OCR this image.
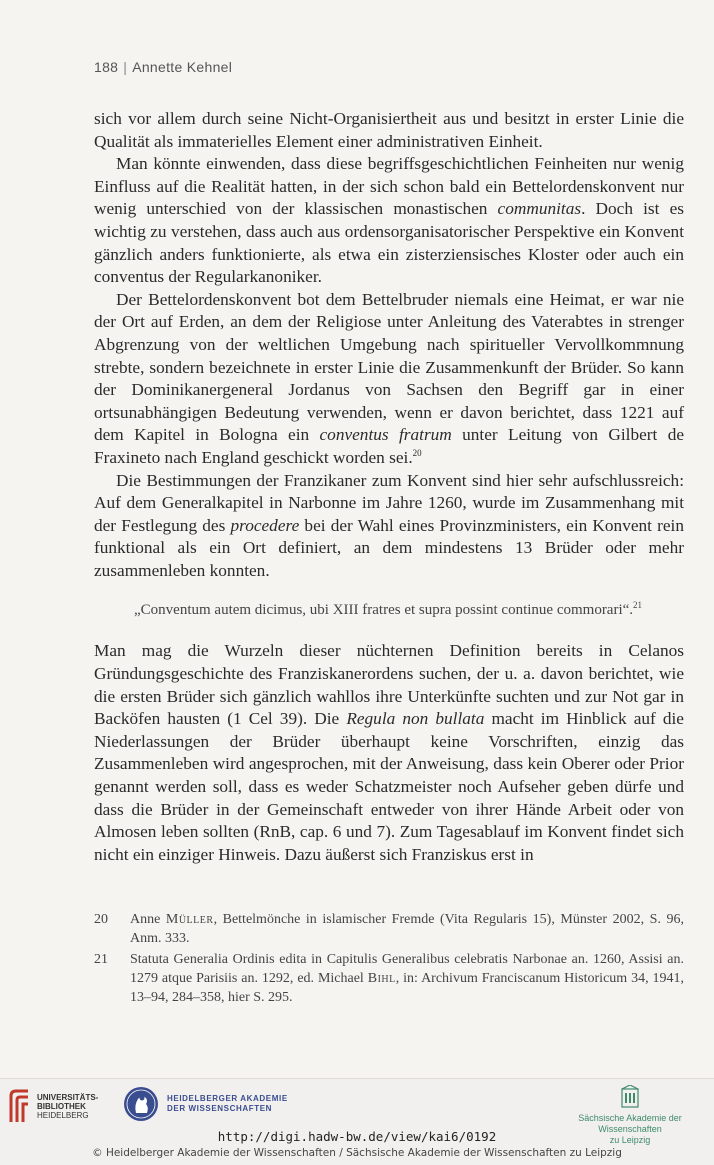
188 | Annette Kehnel

sich vor allem durch seine Nicht-Organisiertheit aus und besitzt in erster Linie die Qualität als immaterielles Element einer administrativen Einheit.

Man könnte einwenden, dass diese begriffsgeschichtlichen Feinheiten nur wenig Einfluss auf die Realität hatten, in der sich schon bald ein Bettelordenskonvent nur wenig unterschied von der klassischen monastischen communitas. Doch ist es wichtig zu verstehen, dass auch aus ordensorganisatorischer Perspektive ein Konvent gänzlich anders funktionierte, als etwa ein zisterziensisches Kloster oder auch ein conventus der Regularkanoniker.

Der Bettelordenskonvent bot dem Bettelbruder niemals eine Heimat, er war nie der Ort auf Erden, an dem der Religiose unter Anleitung des Vaterabtes in strenger Abgrenzung von der weltlichen Umgebung nach spiritueller Vervollkommnung strebte, sondern bezeichnete in erster Linie die Zusammenkunft der Brüder. So kann der Dominikanergeneral Jordanus von Sachsen den Begriff gar in einer ortsunabhängigen Bedeutung verwenden, wenn er davon berichtet, dass 1221 auf dem Kapitel in Bologna ein conventus fratrum unter Leitung von Gilbert de Fraxineto nach England geschickt worden sei.$^{20}$

Die Bestimmungen der Franzikaner zum Konvent sind hier sehr aufschlussreich: Auf dem Generalkapitel in Narbonne im Jahre 1260, wurde im Zusammenhang mit der Festlegung des procedere bei der Wahl eines Provinzministers, ein Konvent rein funktional als ein Ort definiert, an dem mindestens 13 Brüder oder mehr zusammenleben konnten.

„Conventum autem dicimus, ubi XIII fratres et supra possint continue commorari“.$^{21}$

Man mag die Wurzeln dieser nüchternen Definition bereits in Celanos Gründungsgeschichte des Franziskanerordens suchen, der u. a. davon berichtet, wie die ersten Brüder sich gänzlich wahllos ihre Unterkünfte suchten und zur Not gar in Backöfen hausten (1 Cel 39). Die Regula non bullata macht im Hinblick auf die Niederlassungen der Brüder überhaupt keine Vorschriften, einzig das Zusammenleben wird angesprochen, mit der Anweisung, dass kein Oberer oder Prior genannt werden soll, dass es weder Schatzmeister noch Aufseher geben dürfe und dass die Brüder in der Gemeinschaft entweder von ihrer Hände Arbeit oder von Almosen leben sollten (RnB, cap. 6 und 7). Zum Tagesablauf im Konvent findet sich nicht ein einziger Hinweis. Dazu äußerst sich Franziskus erst in

20	Anne Müller, Bettelmönche in islamischer Fremde (Vita Regularis 15), Münster 2002, S. 96, Anm. 333.
21	Statuta Generalia Ordinis edita in Capitulis Generalibus celebratis Narbonae an. 1260, Assisi an. 1279 atque Parisiis an. 1292, ed. Michael Bihl, in: Archivum Franciscanum Historicum 34, 1941, 13–94, 284–358, hier S. 295.
UNIVERSITÄTS-
BIBLIOTHEK
HEIDELBERG
HEIDELBERGER AKADEMIE
DER WISSENSCHAFTEN
Sächsische Akademie der Wissenschaften
zu Leipzig
http://digi.hadw-bw.de/view/kai6/0192
© Heidelberger Akademie der Wissenschaften / Sächsische Akademie der Wissenschaften zu Leipzig
